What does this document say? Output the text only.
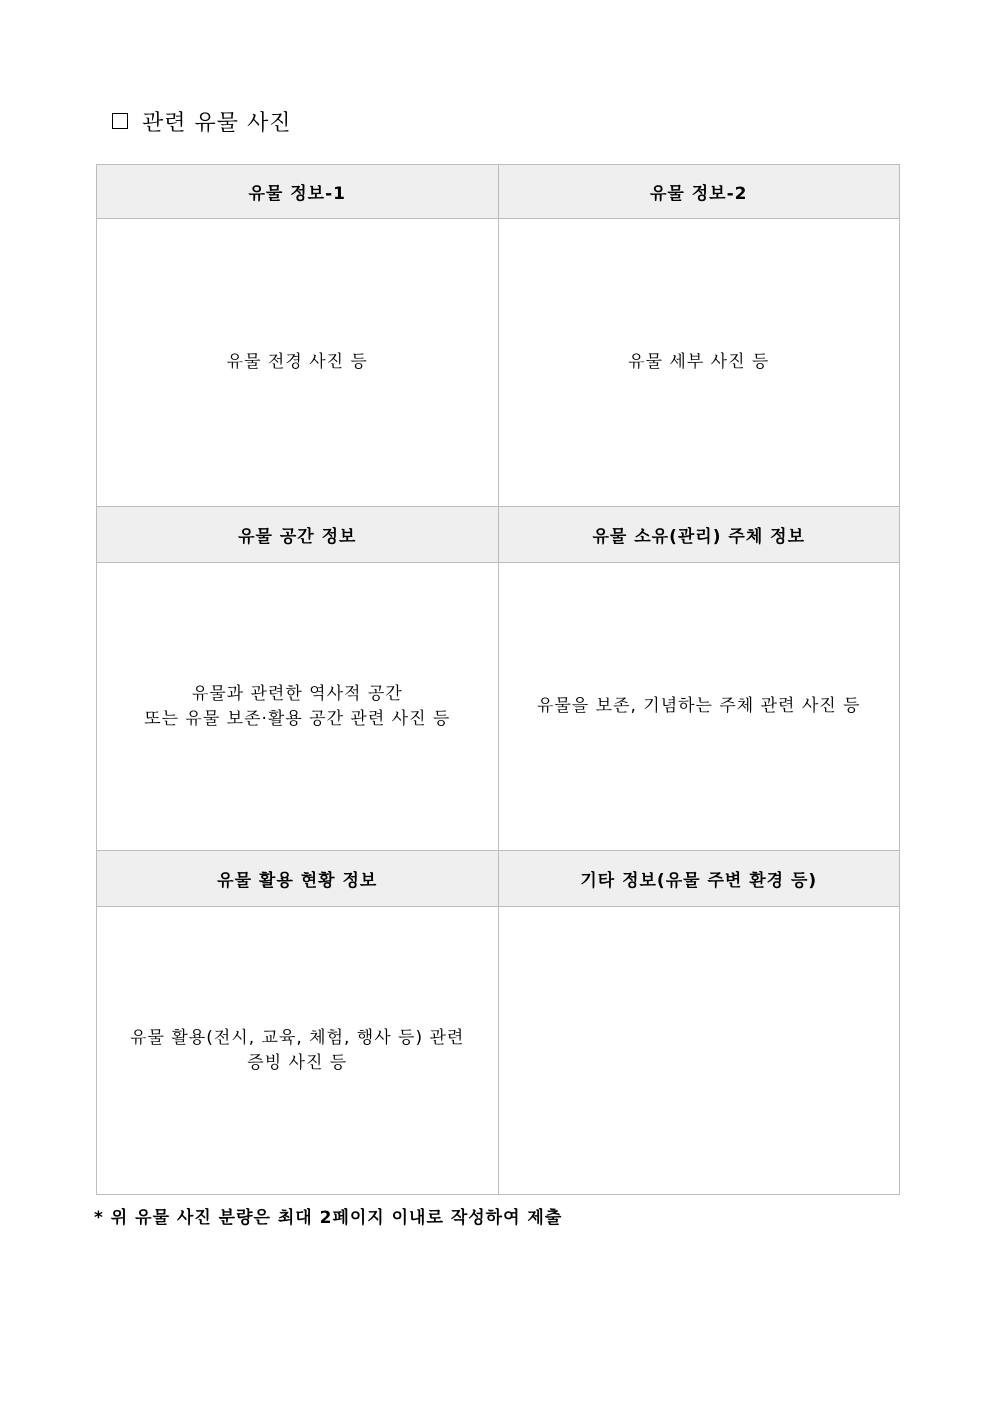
관련 유물 사진
유물 정보-1	유물 정보-2

유물 전경 사진 등	유물 세부 사진 등

유물 공간 정보	유물 소유(관리) 주체 정보

유물과 관련한 역사적 공간
또는 유물 보존·활용 공간 관련 사진 등	유물을 보존, 기념하는 주체 관련 사진 등

유물 활용 현황 정보	기타 정보(유물 주변 환경 등)

유물 활용(전시, 교육, 체험, 행사 등) 관련
증빙 사진 등	

* 위 유물 사진 분량은 최대 2페이지 이내로 작성하여 제출
